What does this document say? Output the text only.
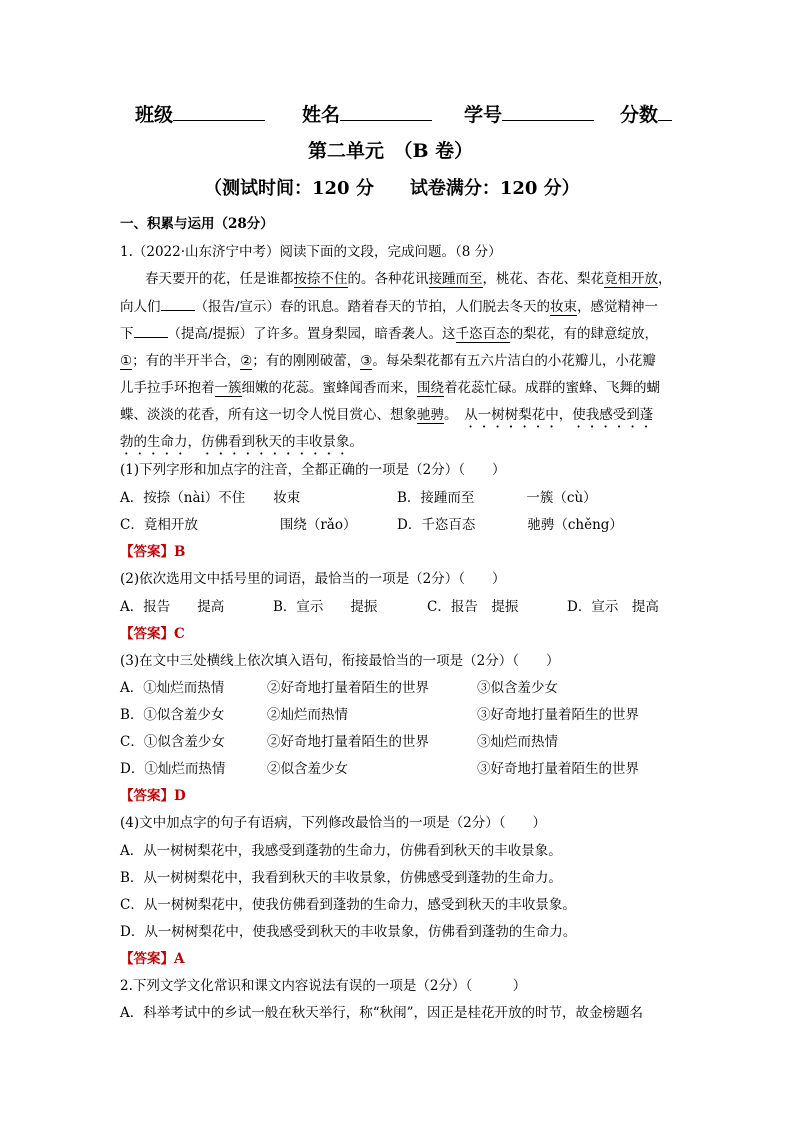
班级	姓名	学号	分数
第二单元　（B 卷）
（测试时间：120 分　　试卷满分：120 分）
一、积累与运用（28分）
1.（2022·山东济宁中考）阅读下面的文段，完成问题。（8 分）
春天要开的花，任是谁都按捺不住的。各种花讯接踵而至，桃花、杏花、梨花竟相开放，
向人们	（报告/宣示）春的讯息。踏着春天的节拍，人们脱去冬天的妆束，感觉精神一
下	（提高/提振）了许多。置身梨园，暗香袭人。这千恣百态的梨花，有的肆意绽放，
①；有的半开半合，②；有的刚刚破蕾，③。每朵梨花都有五六片洁白的小花瓣儿，小花瓣
儿手拉手环抱着一簇细嫩的花蕊。蜜蜂闻香而来，围绕着花蕊忙碌。成群的蜜蜂、飞舞的蝴
蝶、淡淡的花香，所有这一切令人悦目赏心、想象驰骋。　 从一树树梨花中，使我感受到蓬
勃的生命力，仿佛看到秋天的丰收景象。
(1)下列字形和加点字的注音，全都正确的一项是（2分）（　　）
A．按捺（nài）不住 妆束	B．接踵而至	一簇（cù）
C．竟相开放	围绕（rǎo）	D．千恣百态	驰骋（chěng）
【答案】B
(2)依次选用文中括号里的词语，最恰当的一项是（2分）（　　）
A．报告　　提高	B．宣示　　提振	C．报告　提振	D．宣示　提高
【答案】C
(3)在文中三处横线上依次填入语句，衔接最恰当的一项是（2分）（　　）
A．①灿烂而热情	②好奇地打量着陌生的世界	③似含羞少女
B．①似含羞少女	②灿烂而热情	③好奇地打量着陌生的世界
C．①似含羞少女	②好奇地打量着陌生的世界	③灿烂而热情
D．①灿烂而热情	②似含羞少女	③好奇地打量着陌生的世界
【答案】D
(4)文中加点字的句子有语病，下列修改最恰当的一项是（2分）（　　）
A．从一树树梨花中，我感受到蓬勃的生命力，仿佛看到秋天的丰收景象。
B．从一树树梨花中，我看到秋天的丰收景象，仿佛感受到蓬勃的生命力。
C．从一树树梨花中，使我仿佛看到蓬勃的生命力，感受到秋天的丰收景象。
D．从一树树梨花中，使我感受到秋天的丰收景象，仿佛看到蓬勃的生命力。
【答案】A
2.下列文学文化常识和课文内容说法有误的一项是（2分）（　　　）
A．科举考试中的乡试一般在秋天举行，称“秋闱”，因正是桂花开放的时节，故金榜题名
